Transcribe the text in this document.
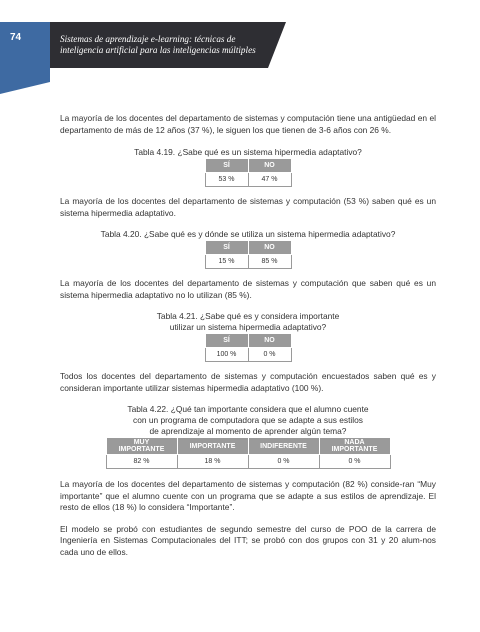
74	Sistemas de aprendizaje e-learning: técnicas de
inteligencia artificial para las inteligencias múltiples

La mayoría de los docentes del departamento de sistemas y computación tiene una antigüedad en el departamento de más de 12 años (37 %), le siguen los que tienen de 3-6 años con 26 %.

Tabla 4.19. ¿Sabe qué es un sistema hipermedia adaptativo?

SÍ	NO
53 %	47 %

La mayoría de los docentes del departamento de sistemas y computación (53 %) saben qué es un sistema hipermedia adaptativo.

Tabla 4.20. ¿Sabe qué es y dónde se utiliza un sistema hipermedia adaptativo?

SÍ	NO
15 %	85 %

La mayoría de los docentes del departamento de sistemas y computación que saben qué es un sistema hipermedia adaptativo no lo utilizan (85 %).

Tabla 4.21. ¿Sabe qué es y considera importante

utilizar un sistema hipermedia adaptativo?

SÍ	NO
100 %	0 %

Todos los docentes del departamento de sistemas y computación encuestados saben qué es y consideran importante utilizar sistemas hipermedia adaptativo (100 %).

Tabla 4.22. ¿Qué tan importante considera que el alumno cuente

con un programa de computadora que se adapte a sus estilos

de aprendizaje al momento de aprender algún tema?

MUY IMPORTANTE	IMPORTANTE	INDIFERENTE	NADA IMPORTANTE
82 %	18 %	0 %	0 %

La mayoría de los docentes del departamento de sistemas y computación (82 %) conside-ran “Muy importante” que el alumno cuente con un programa que se adapte a sus estilos de aprendizaje. El resto de ellos (18 %) lo considera “Importante”.

El modelo se probó con estudiantes de segundo semestre del curso de POO de la carrera de Ingeniería en Sistemas Computacionales del ITT; se probó con dos grupos con 31 y 20 alum-nos cada uno de ellos.
